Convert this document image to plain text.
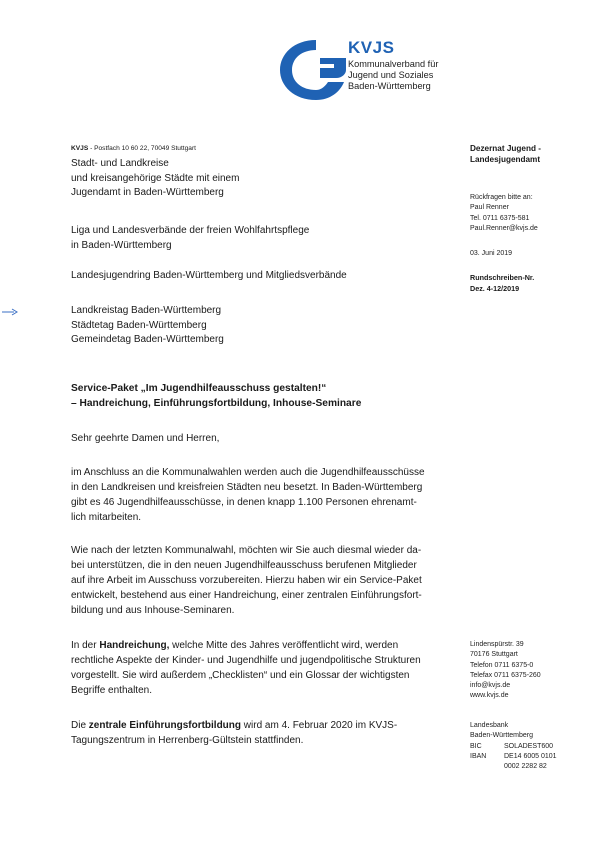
KVJS
Kommunalverband für
Jugend und Soziales
Baden-Württemberg
KVJS - Postfach 10 60 22, 70049 Stuttgart
Stadt- und Landkreise
und kreisangehörige Städte mit einem
Jugendamt in Baden-Württemberg
Liga und Landesverbände der freien Wohlfahrtspflege
in Baden-Württemberg
Landesjugendring Baden-Württemberg und Mitgliedsverbände
Landkreistag Baden-Württemberg
Städtetag Baden-Württemberg
Gemeindetag Baden-Württemberg
Dezernat Jugend -
Landesjugendamt
Rückfragen bitte an:
Paul Renner
Tel. 0711 6375-581
Paul.Renner@kvjs.de
03. Juni 2019
Rundschreiben-Nr.
Dez. 4-12/2019
Lindenspürstr. 39
70176 Stuttgart
Telefon 0711 6375-0
Telefax 0711 6375-260
info@kvjs.de
www.kvjs.de
Landesbank
Baden-Württemberg
BIC	SOLADEST600
IBAN	DE14 6005 0101
	0002 2282 82
Service-Paket „Im Jugendhilfeausschuss gestalten!“
– Handreichung, Einführungsfortbildung, Inhouse-Seminare
Sehr geehrte Damen und Herren,
im Anschluss an die Kommunalwahlen werden auch die Jugendhilfeausschüsse
in den Landkreisen und kreisfreien Städten neu besetzt. In Baden-Württemberg
gibt es 46 Jugendhilfeausschüsse, in denen knapp 1.100 Personen ehrenamt-
lich mitarbeiten.
Wie nach der letzten Kommunalwahl, möchten wir Sie auch diesmal wieder da-
bei unterstützen, die in den neuen Jugendhilfeausschuss berufenen Mitglieder
auf ihre Arbeit im Ausschuss vorzubereiten. Hierzu haben wir ein Service-Paket
entwickelt, bestehend aus einer Handreichung, einer zentralen Einführungsfort-
bildung und aus Inhouse-Seminaren.
In der Handreichung, welche Mitte des Jahres veröffentlicht wird, werden
rechtliche Aspekte der Kinder- und Jugendhilfe und jugendpolitische Strukturen
vorgestellt. Sie wird außerdem „Checklisten“ und ein Glossar der wichtigsten
Begriffe enthalten.
Die zentrale Einführungsfortbildung wird am 4. Februar 2020 im KVJS-
Tagungszentrum in Herrenberg-Gültstein stattfinden.
